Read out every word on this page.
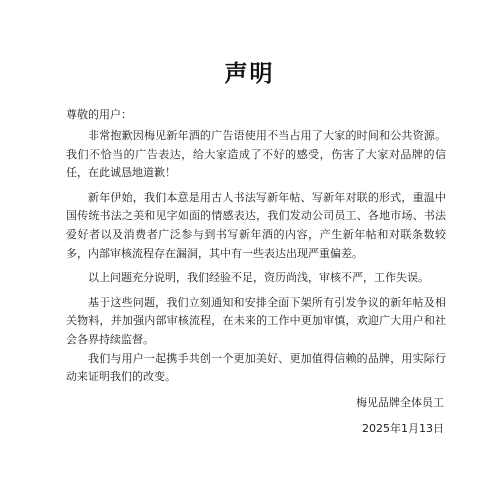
声明
尊敬的用户：

非常抱歉因梅见新年酒的广告语使用不当占用了大家的时间和公共资源。我们不恰当的广告表达，给大家造成了不好的感受，伤害了大家对品牌的信任，在此诚恳地道歉！

新年伊始，我们本意是用古人书法写新年帖、写新年对联的形式，重温中国传统书法之美和见字如面的情感表达，我们发动公司员工、各地市场、书法爱好者以及消费者广泛参与到书写新年酒的内容，产生新年帖和对联条数较多，内部审核流程存在漏洞，其中有一些表达出现严重偏差。

以上问题充分说明，我们经验不足，资历尚浅，审核不严，工作失误。

基于这些问题，我们立刻通知和安排全面下架所有引发争议的新年帖及相关物料，并加强内部审核流程，在未来的工作中更加审慎，欢迎广大用户和社会各界持续监督。

我们与用户一起携手共创一个更加美好、更加值得信赖的品牌，用实际行动来证明我们的改变。

梅见品牌全体员工
2025年1月13日
